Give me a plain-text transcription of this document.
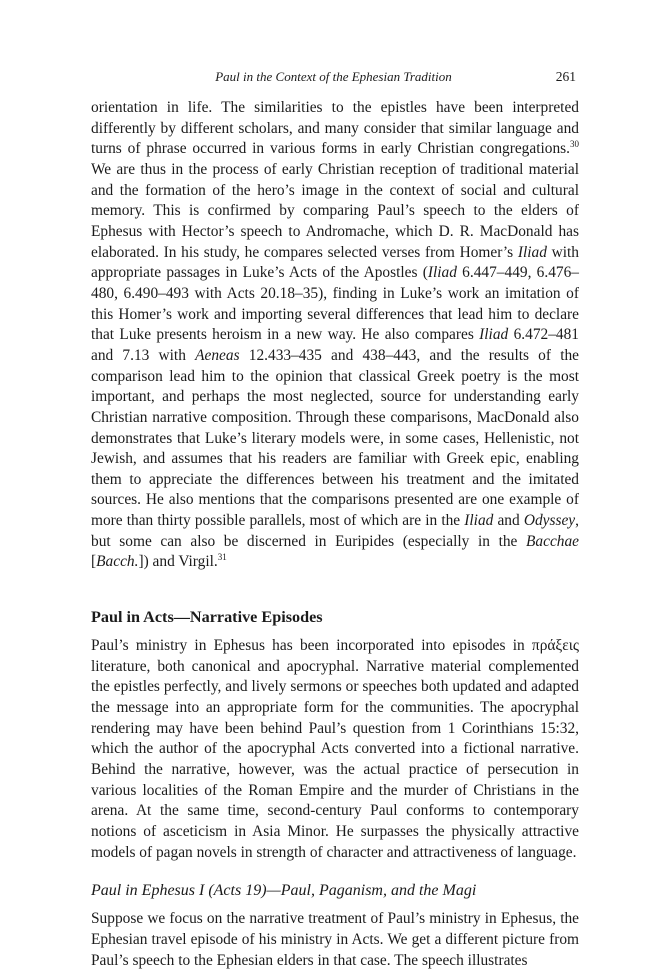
Paul in the Context of the Ephesian Tradition	261

orientation in life. The similarities to the epistles have been interpreted differently by different scholars, and many consider that similar language and turns of phrase occurred in various forms in early Christian congregations.$^{30}$ We are thus in the process of early Christian reception of traditional material and the formation of the hero’s image in the context of social and cultural memory. This is confirmed by comparing Paul’s speech to the elders of Ephesus with Hector’s speech to Andromache, which D. R. MacDonald has elaborated. In his study, he compares selected verses from Homer’s Iliad with appropriate passages in Luke’s Acts of the Apostles (Iliad 6.447–449, 6.476–480, 6.490–493 with Acts 20.18–35), finding in Luke’s work an imitation of this Homer’s work and importing several differences that lead him to declare that Luke presents heroism in a new way. He also compares Iliad 6.472–481 and 7.13 with Aeneas 12.433–435 and 438–443, and the results of the comparison lead him to the opinion that classical Greek poetry is the most important, and perhaps the most neglected, source for understanding early Christian narrative composition. Through these comparisons, MacDonald also demonstrates that Luke’s literary models were, in some cases, Hellenistic, not Jewish, and assumes that his readers are familiar with Greek epic, enabling them to appreciate the differences between his treatment and the imitated sources. He also mentions that the comparisons presented are one example of more than thirty possible parallels, most of which are in the Iliad and Odyssey, but some can also be discerned in Euripides (especially in the Bacchae [Bacch.]) and Virgil.$^{31}$

Paul in Acts—Narrative Episodes

Paul’s ministry in Ephesus has been incorporated into episodes in πράξεις literature, both canonical and apocryphal. Narrative material complemented the epistles perfectly, and lively sermons or speeches both updated and adapted the message into an appropriate form for the communities. The apocryphal rendering may have been behind Paul’s question from 1 Corinthians 15:32, which the author of the apocryphal Acts converted into a fictional narrative. Behind the narrative, however, was the actual practice of persecution in various localities of the Roman Empire and the murder of Christians in the arena. At the same time, second-century Paul conforms to contemporary notions of asceticism in Asia Minor. He surpasses the physically attractive models of pagan novels in strength of character and attractiveness of language.

Paul in Ephesus I (Acts 19)—Paul, Paganism, and the Magi

Suppose we focus on the narrative treatment of Paul’s ministry in Ephesus, the Ephesian travel episode of his ministry in Acts. We get a different picture from Paul’s speech to the Ephesian elders in that case. The speech illustrates
